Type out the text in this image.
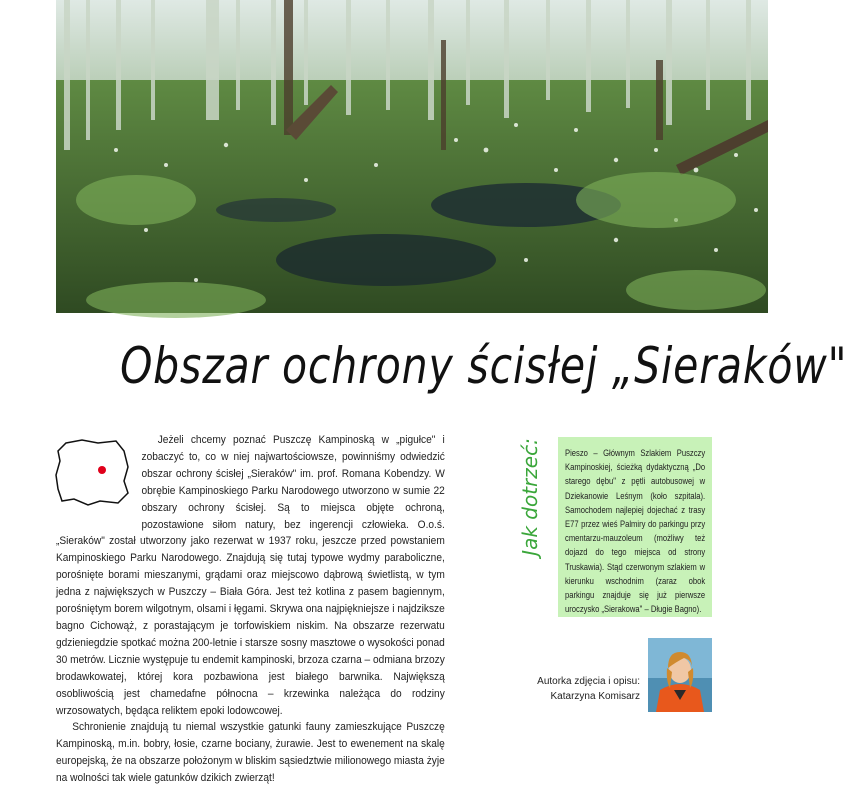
Obszar ochrony ścisłej „Sieraków"

Jeżeli chcemy poznać Puszczę Kampinoską w „pigułce" i zobaczyć to, co w niej najwartościowsze, powinniśmy odwiedzić obszar ochrony ścisłej „Sieraków" im. prof. Romana Kobendzy. W obrębie Kampinoskiego Parku Narodowego utworzono w sumie 22 obszary ochrony ścisłej. Są to miejsca objęte ochroną, pozostawione siłom natury, bez ingerencji człowieka. O.o.ś. „Sieraków" został utworzony jako rezerwat w 1937 roku, jeszcze przed powstaniem Kampinoskiego Parku Narodowego. Znajdują się tutaj typowe wydmy paraboliczne, porośnięte borami mieszanymi, grądami oraz miejscowo dąbrową świetlistą, w tym jedna z największych w Puszczy – Biała Góra. Jest też kotlina z pasem bagiennym, porośniętym borem wilgotnym, olsami i łęgami. Skrywa ona najpiękniejsze i najdziksze bagno Cichowąż, z porastającym je torfowiskiem niskim. Na obszarze rezerwatu gdzieniegdzie spotkać można 200-letnie i starsze sosny masztowe o wysokości ponad 30 metrów. Licznie występuje tu endemit kampinoski, brzoza czarna – odmiana brzozy brodawkowatej, której kora pozbawiona jest białego barwnika. Największą osobliwością jest chamedafne północna – krzewinka należąca do rodziny wrzosowatych, będąca reliktem epoki lodowcowej.

Schronienie znajdują tu niemal wszystkie gatunki fauny zamieszkujące Puszczę Kampinoską, m.in. bobry, łosie, czarne bociany, żurawie. Jest to ewenement na skalę europejską, że na obszarze położonym w bliskim sąsiedztwie milionowego miasta żyje na wolności tak wiele gatunków dzikich zwierząt!

Jak dotrzeć:	Pieszo – Głównym Szlakiem Puszczy Kampinoskiej, ścieżką dydaktyczną „Do starego dębu" z pętli autobusowej w Dziekanowie Leśnym (koło szpitala). Samochodem najlepiej dojechać z trasy E77 przez wieś Palmiry do parkingu przy cmentarzu-mauzoleum (możliwy też dojazd do tego miejsca od strony Truskawia). Stąd czerwonym szlakiem w kierunku wschodnim (zaraz obok parkingu znajduje się już pierwsze uroczysko „Sierakowa" – Długie Bagno).

Autorka zdjęcia i opisu:
Katarzyna Komisarz
